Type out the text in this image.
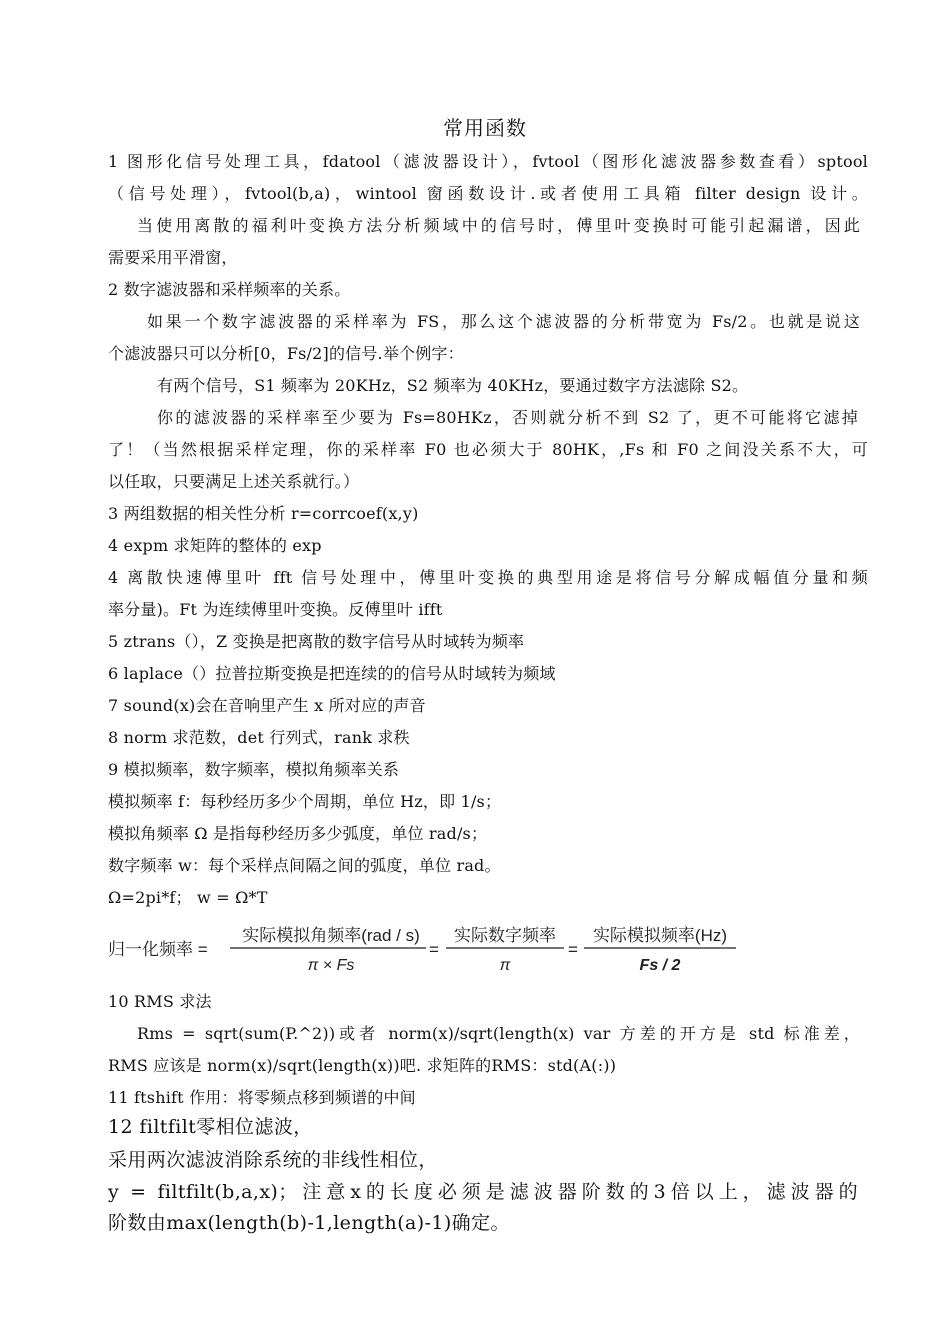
常用函数
1 图形化信号处理工具，fdatool（滤波器设计），fvtool（图形化滤波器参数查看）sptool
（信号处理），fvtool(b,a)，wintool 窗函数设计.或者使用工具箱 filter design 设计。
当使用离散的福利叶变换方法分析频域中的信号时，傅里叶变换时可能引起漏谱，因此
需要采用平滑窗，
2 数字滤波器和采样频率的关系。
如果一个数字滤波器的采样率为 FS，那么这个滤波器的分析带宽为 Fs/2。也就是说这
个滤波器只可以分析[0，Fs/2]的信号.举个例字：
有两个信号，S1 频率为 20KHz，S2 频率为 40KHz，要通过数字方法滤除 S2。
你的滤波器的采样率至少要为 Fs=80HKz，否则就分析不到 S2 了，更不可能将它滤掉
了！（当然根据采样定理，你的采样率 F0 也必须大于 80HK，,Fs 和 F0 之间没关系不大，可
以任取，只要满足上述关系就行。）
3 两组数据的相关性分析 r=corrcoef(x,y)
4 expm 求矩阵的整体的 exp
4 离散快速傅里叶 fft 信号处理中，傅里叶变换的典型用途是将信号分解成幅值分量和频
率分量)。Ft 为连续傅里叶变换。反傅里叶 ifft
5 ztrans（），Z 变换是把离散的数字信号从时域转为频率
6 laplace（）拉普拉斯变换是把连续的的信号从时域转为频域
7 sound(x)会在音响里产生 x 所对应的声音
8 norm 求范数，det 行列式，rank 求秩
9 模拟频率，数字频率，模拟角频率关系
模拟频率 f：每秒经历多少个周期，单位 Hz，即 1/s；
模拟角频率 Ω 是指每秒经历多少弧度，单位 rad/s；
数字频率 w：每个采样点间隔之间的弧度，单位 rad。
Ω=2pi*f； w = Ω*T
归一化频率 =
实际模拟角频率(rad / s)
π × Fs
=
实际数字频率
π
=
实际模拟频率(Hz)
Fs / 2
10 RMS 求法
Rms = sqrt(sum(P.^2))或者 norm(x)/sqrt(length(x) var 方差的开方是 std 标准差，
RMS 应该是 norm(x)/sqrt(length(x))吧. 求矩阵的RMS：std(A(:))
11 ftshift 作用：将零频点移到频谱的中间
12 filtfilt零相位滤波，
采用两次滤波消除系统的非线性相位，
y = filtfilt(b,a,x)；注意x的长度必须是滤波器阶数的3倍以上，滤波器的
阶数由max(length(b)-1,length(a)-1)确定。
